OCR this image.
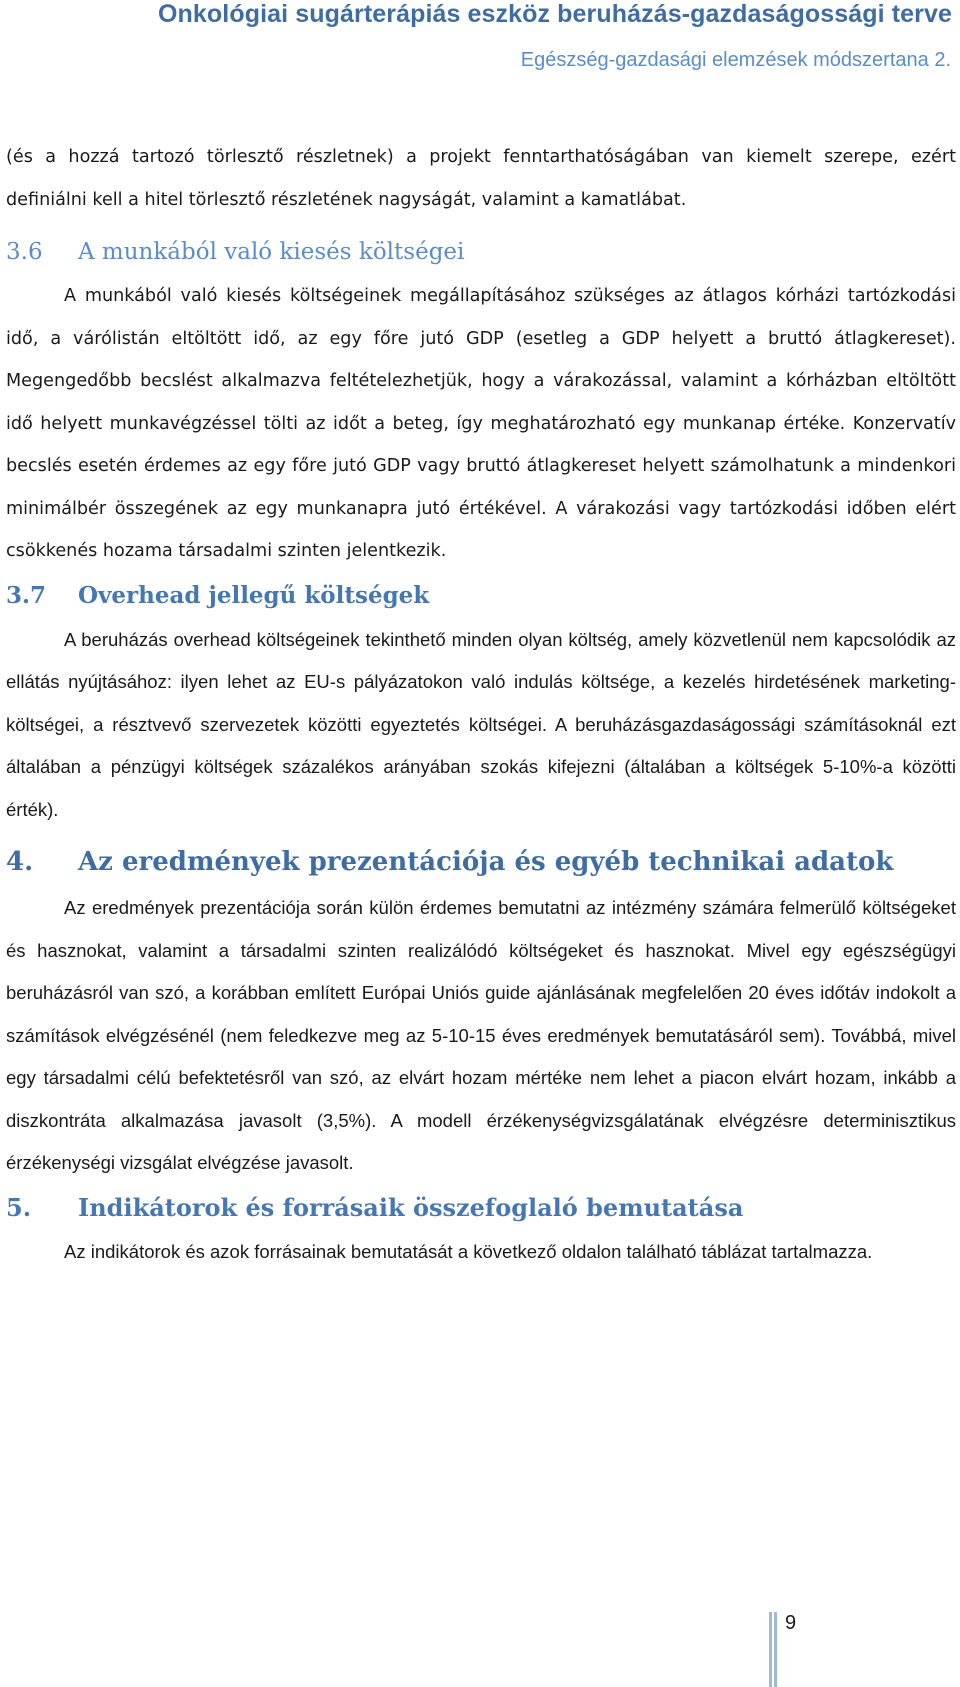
Onkológiai sugárterápiás eszköz beruházás-gazdaságossági terve
Egészség-gazdasági elemzések módszertana 2.

(és a hozzá tartozó törlesztő részletnek) a projekt fenntarthatóságában van kiemelt szerepe, ezért definiálni kell a hitel törlesztő részletének nagyságát, valamint a kamatlábat.

3.6	A munkából való kiesés költségei

A munkából való kiesés költségeinek megállapításához szükséges az átlagos kórházi tartózkodási idő, a várólistán eltöltött idő, az egy főre jutó GDP (esetleg a GDP helyett a bruttó átlagkereset). Megengedőbb becslést alkalmazva feltételezhetjük, hogy a várakozással, valamint a kórházban eltöltött idő helyett munkavégzéssel tölti az időt a beteg, így meghatározható egy munkanap értéke. Konzervatív becslés esetén érdemes az egy főre jutó GDP vagy bruttó átlagkereset helyett számolhatunk a mindenkori minimálbér összegének az egy munkanapra jutó értékével. A várakozási vagy tartózkodási időben elért csökkenés hozama társadalmi szinten jelentkezik.

3.7	Overhead jellegű költségek

A beruházás overhead költségeinek tekinthető minden olyan költség, amely közvetlenül nem kapcsolódik az ellátás nyújtásához: ilyen lehet az EU-s pályázatokon való indulás költsége, a kezelés hirdetésének marketing-költségei, a résztvevő szervezetek közötti egyeztetés költségei. A beruházásgazdaságossági számításoknál ezt általában a pénzügyi költségek százalékos arányában szokás kifejezni (általában a költségek 5-10%-a közötti érték).

4.	Az eredmények prezentációja és egyéb technikai adatok

Az eredmények prezentációja során külön érdemes bemutatni az intézmény számára felmerülő költségeket és hasznokat, valamint a társadalmi szinten realizálódó költségeket és hasznokat. Mivel egy egészségügyi beruházásról van szó, a korábban említett Európai Uniós guide ajánlásának megfelelően 20 éves időtáv indokolt a számítások elvégzésénél (nem feledkezve meg az 5-10-15 éves eredmények bemutatásáról sem). Továbbá, mivel egy társadalmi célú befektetésről van szó, az elvárt hozam mértéke nem lehet a piacon elvárt hozam, inkább a diszkontráta alkalmazása javasolt (3,5%). A modell érzékenységvizsgálatának elvégzésre determinisztikus érzékenységi vizsgálat elvégzése javasolt.

5.	Indikátorok és forrásaik összefoglaló bemutatása

Az indikátorok és azok forrásainak bemutatását a következő oldalon található táblázat tartalmazza.

9
